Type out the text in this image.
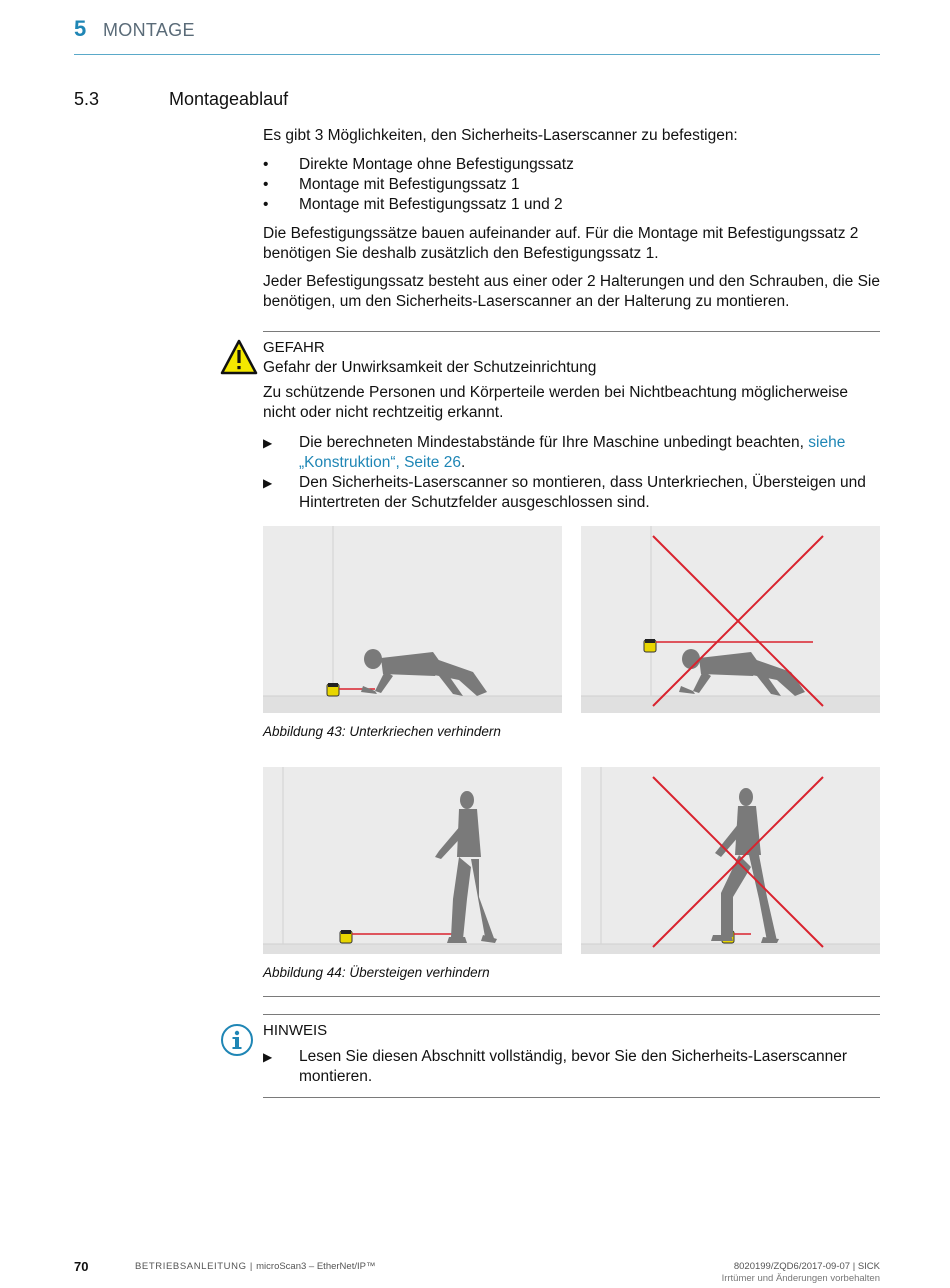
5 MONTAGE
5.3	Montageablauf

Es gibt 3 Möglichkeiten, den Sicherheits-Laserscanner zu befestigen:

•	Direkte Montage ohne Befestigungssatz
•	Montage mit Befestigungssatz 1
•	Montage mit Befestigungssatz 1 und 2

Die Befestigungssätze bauen aufeinander auf. Für die Montage mit Befestigungssatz 2 benötigen Sie deshalb zusätzlich den Befestigungssatz 1.

Jeder Befestigungssatz besteht aus einer oder 2 Halterungen und den Schrauben, die Sie benötigen, um den Sicherheits-Laserscanner an der Halterung zu montieren.

GEFAHR
Gefahr der Unwirksamkeit der Schutzeinrichtung

Zu schützende Personen und Körperteile werden bei Nichtbeachtung möglicherweise nicht oder nicht rechtzeitig erkannt.

▶ Die berechneten Mindestabstände für Ihre Maschine unbedingt beachten, siehe „Konstruktion“, Seite 26.
▶ Den Sicherheits-Laserscanner so montieren, dass Unterkriechen, Übersteigen und Hintertreten der Schutzfelder ausgeschlossen sind.
Abbildung 43: Unterkriechen verhindern
Abbildung 44: Übersteigen verhindern
HINWEIS
▶ Lesen Sie diesen Abschnitt vollständig, bevor Sie den Sicherheits-Laserscanner montieren.
70	BETRIEBSANLEITUNG | microScan3 – EtherNet/IP™	8020199/ZQD6/2017-09-07 | SICK
Irrtümer und Änderungen vorbehalten
